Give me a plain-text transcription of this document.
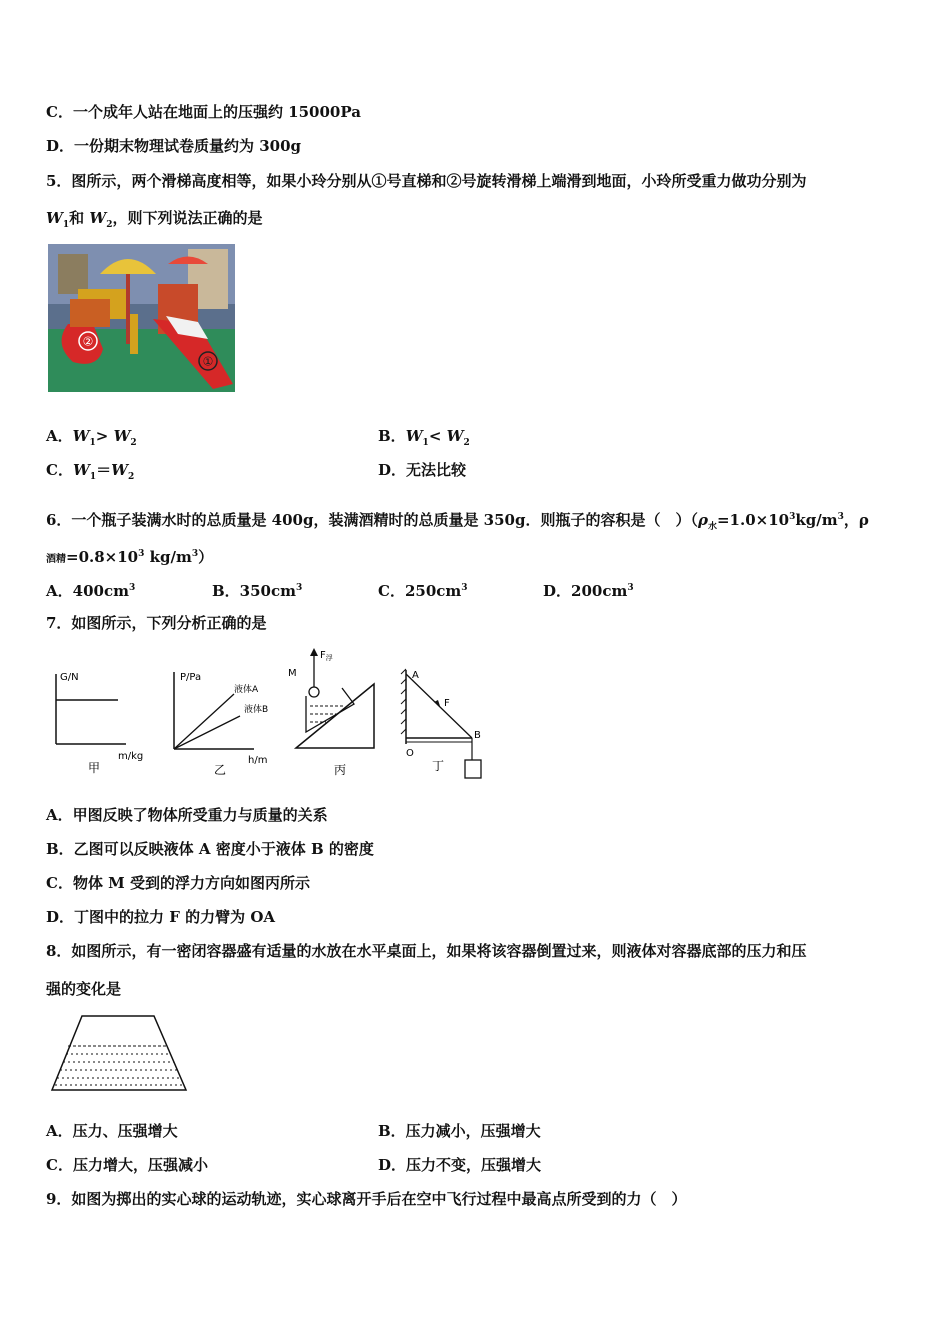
C．一个成年人站在地面上的压强约 15000Pa
D．一份期末物理试卷质量约为 300g
5．图所示，两个滑梯高度相等，如果小玲分别从①号直梯和②号旋转滑梯上端滑到地面，小玲所受重力做功分别为
$W_1$和 $W_2$，则下列说法正确的是
②
①
A．$W_1> W_2$	B．$W_1< W_2$
C．$W_1=W_2$	D．无法比较
6．一个瓶子装满水时的总质量是 400g，装满酒精时的总质量是 350g．则瓶子的容积是（　）（$\rho_水=1.0\times 10^3kg/m^3$，ρ
酒精$=0.8\times 10^3$ $kg/m^3$）
A．$400cm^3$	B．$350cm^3$	C．$250cm^3$	D．$200cm^3$
7．如图所示，下列分析正确的是
G/N
m/kg
甲
P/Pa
液体A
液体B
h/m
乙
M
$F_浮$
丙
A
F
B
O
丁
A．甲图反映了物体所受重力与质量的关系
B．乙图可以反映液体 A 密度小于液体 B 的密度
C．物体 M 受到的浮力方向如图丙所示
D．丁图中的拉力 F 的力臂为 OA
8．如图所示，有一密闭容器盛有适量的水放在水平桌面上，如果将该容器倒置过来，则液体对容器底部的压力和压
强的变化是
A．压力、压强增大	B．压力减小，压强增大
C．压力增大，压强减小	D．压力不变，压强增大
9．如图为掷出的实心球的运动轨迹，实心球离开手后在空中飞行过程中最高点所受到的力（　）
